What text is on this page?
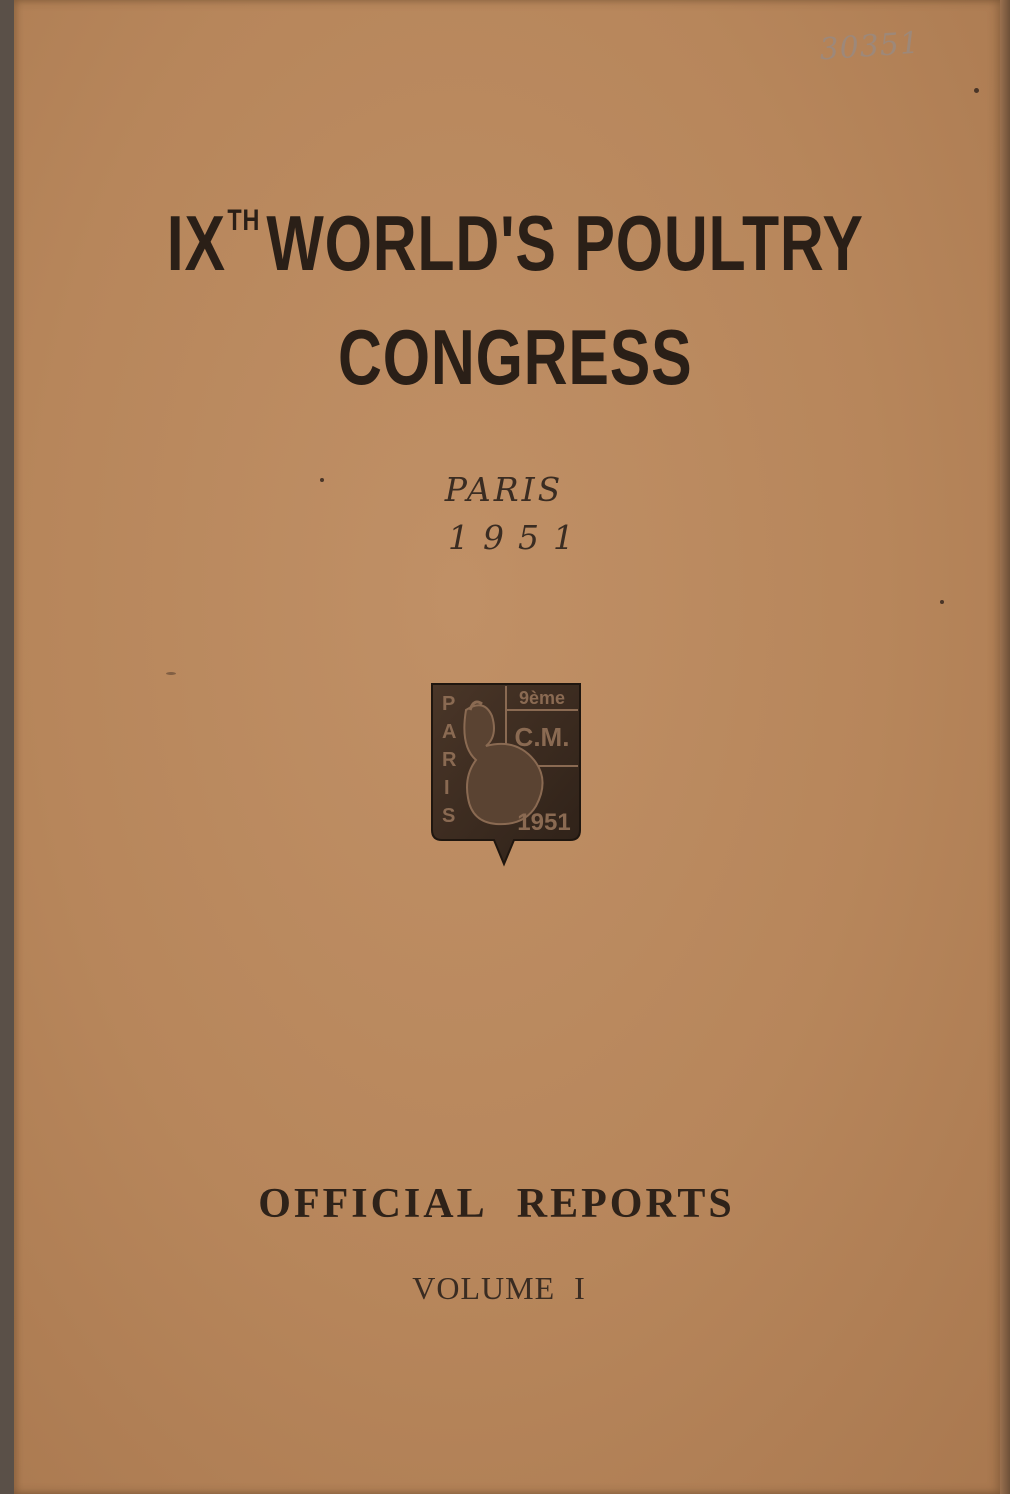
30351
IXTHWORLD'S POULTRY
CONGRESS
PARIS
1951
P
A
R
I
S
9ème
C.M.
1951
OFFICIAL REPORTS
VOLUME I
